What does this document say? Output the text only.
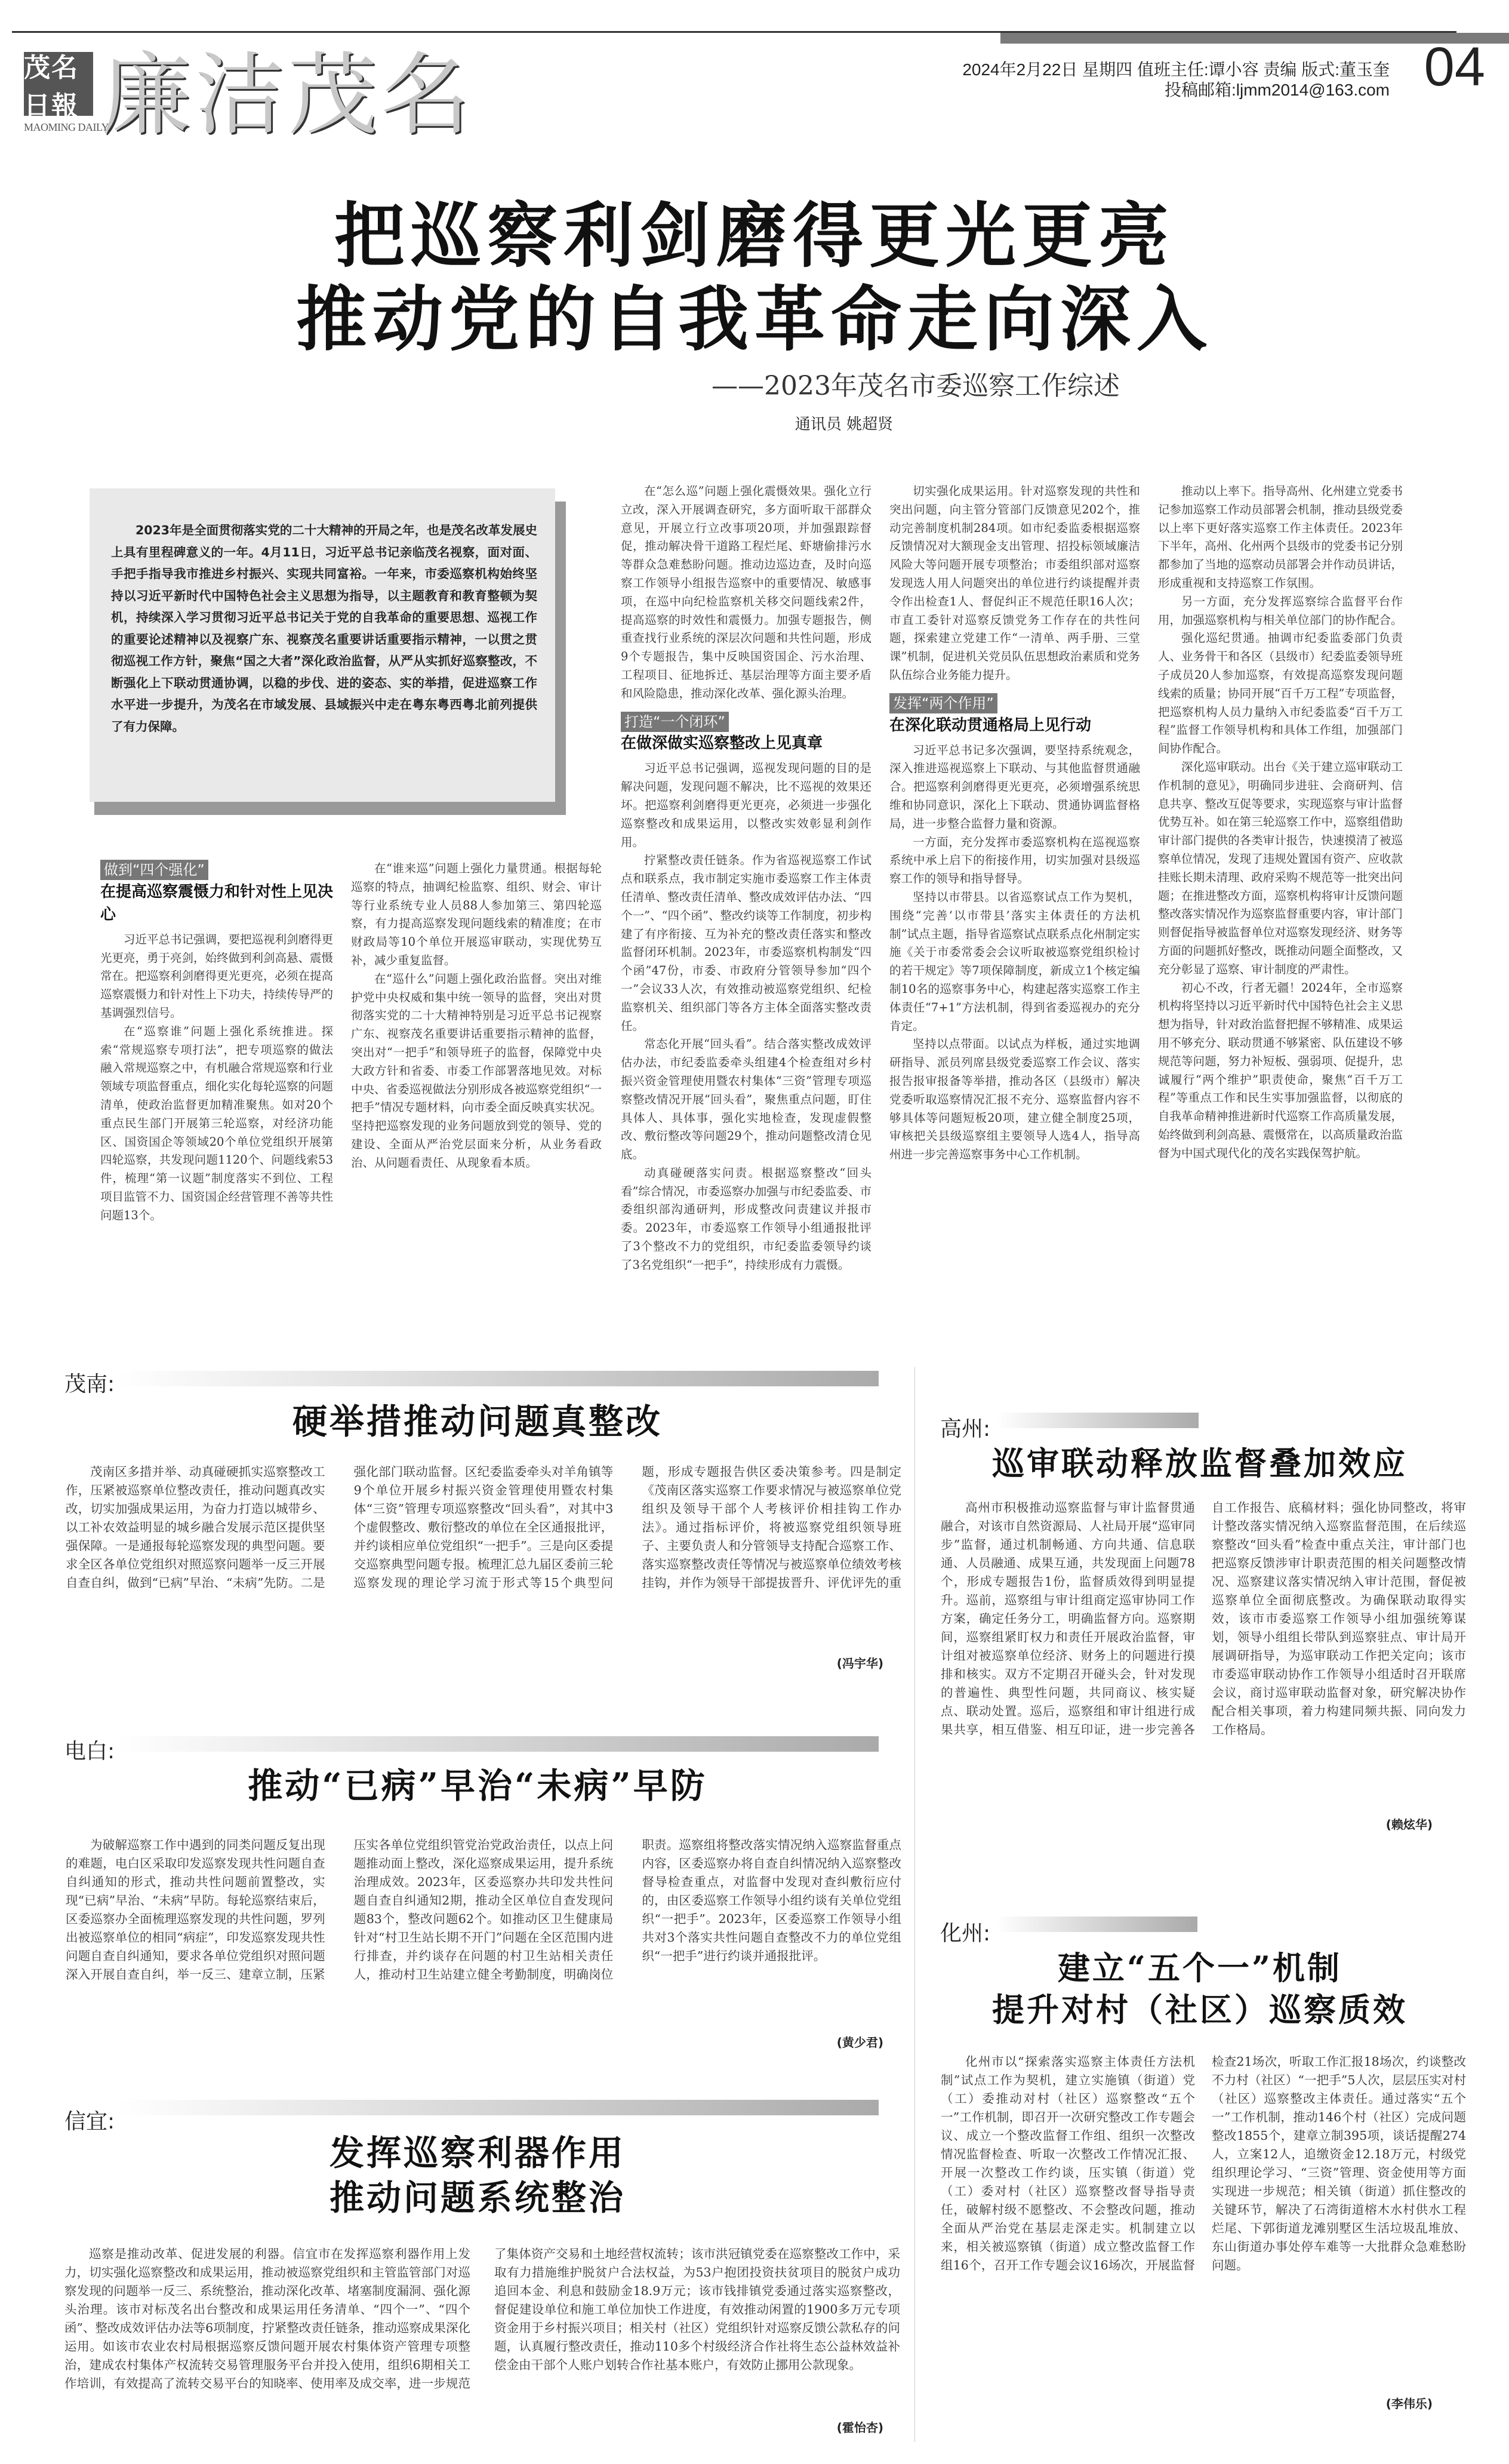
茂名日報
MAOMING DAILY
廉洁茂名	2024年2月22日 星期四 值班主任:谭小容 责编 版式:董玉奎
投稿邮箱:ljmm2014@163.com 04
把巡察利剑磨得更光更亮
推动党的自我革命走向深入
——2023年茂名市委巡察工作综述
通讯员 姚超贤
2023年是全面贯彻落实党的二十大精神的开局之年，也是茂名改革发展史上具有里程碑意义的一年。4月11日，习近平总书记亲临茂名视察，面对面、手把手指导我市推进乡村振兴、实现共同富裕。一年来，市委巡察机构始终坚持以习近平新时代中国特色社会主义思想为指导，以主题教育和教育整顿为契机，持续深入学习贯彻习近平总书记关于党的自我革命的重要思想、巡视工作的重要论述精神以及视察广东、视察茂名重要讲话重要指示精神，一以贯之贯彻巡视工作方针，聚焦“国之大者”深化政治监督，从严从实抓好巡察整改，不断强化上下联动贯通协调，以稳的步伐、进的姿态、实的举措，促进巡察工作水平进一步提升，为茂名在市域发展、县域振兴中走在粤东粤西粤北前列提供了有力保障。
做到“四个强化”
在提高巡察震慑力和针对性上见决心

习近平总书记强调，要把巡视利剑磨得更光更亮，勇于亮剑，始终做到利剑高悬、震慑常在。把巡察利剑磨得更光更亮，必须在提高巡察震慑力和针对性上下功夫，持续传导严的基调强烈信号。

在“巡察谁”问题上强化系统推进。探索“常规巡察专项打法”，把专项巡察的做法融入常规巡察之中，有机融合常规巡察和行业领域专项监督重点，细化实化每轮巡察的问题清单，使政治监督更加精准聚焦。如对20个重点民生部门开展第三轮巡察，对经济功能区、国资国企等领域20个单位党组织开展第四轮巡察，共发现问题1120个、问题线索53件，梳理“第一议题”制度落实不到位、工程项目监管不力、国资国企经营管理不善等共性问题13个。

在“谁来巡”问题上强化力量贯通。根据每轮巡察的特点，抽调纪检监察、组织、财会、审计等行业系统专业人员88人参加第三、第四轮巡察，有力提高巡察发现问题线索的精准度；在市财政局等10个单位开展巡审联动，实现优势互补，减少重复监督。

在“巡什么”问题上强化政治监督。突出对维护党中央权威和集中统一领导的监督，突出对贯彻落实党的二十大精神特别是习近平总书记视察广东、视察茂名重要讲话重要指示精神的监督，突出对“一把手”和领导班子的监督，保障党中央大政方针和省委、市委工作部署落地见效。对标中央、省委巡视做法分别形成各被巡察党组织“一把手”情况专题材料，向市委全面反映真实状况。坚持把巡察发现的业务问题放到党的领导、党的建设、全面从严治党层面来分析，从业务看政治、从问题看责任、从现象看本质。

在“怎么巡”问题上强化震慑效果。强化立行立改，深入开展调查研究，多方面听取干部群众意见，开展立行立改事项20项，并加强跟踪督促，推动解决骨干道路工程烂尾、虾塘偷排污水等群众急难愁盼问题。推动边巡边查，及时向巡察工作领导小组报告巡察中的重要情况、敏感事项，在巡中向纪检监察机关移交问题线索2件，提高巡察的时效性和震慑力。加强专题报告，侧重查找行业系统的深层次问题和共性问题，形成9个专题报告，集中反映国资国企、污水治理、工程项目、征地拆迁、基层治理等方面主要矛盾和风险隐患，推动深化改革、强化源头治理。

打造“一个闭环”
在做深做实巡察整改上见真章

习近平总书记强调，巡视发现问题的目的是解决问题，发现问题不解决，比不巡视的效果还坏。把巡察利剑磨得更光更亮，必须进一步强化巡察整改和成果运用，以整改实效彰显利剑作用。

拧紧整改责任链条。作为省巡视巡察工作试点和联系点，我市制定实施市委巡察工作主体责任清单、整改责任清单、整改成效评估办法、“四个一”、“四个函”、整改约谈等工作制度，初步构建了有序衔接、互为补充的整改责任落实和整改监督闭环机制。2023年，市委巡察机构制发“四个函”47份，市委、市政府分管领导参加“四个一”会议33人次，有效推动被巡察党组织、纪检监察机关、组织部门等各方主体全面落实整改责任。

常态化开展“回头看”。结合落实整改成效评估办法，市纪委监委牵头组建4个检查组对乡村振兴资金管理使用暨农村集体“三资”管理专项巡察整改情况开展“回头看”，聚焦重点问题，盯住具体人、具体事，强化实地检查，发现虚假整改、敷衍整改等问题29个，推动问题整改清仓见底。

动真碰硬落实问责。根据巡察整改“回头看”综合情况，市委巡察办加强与市纪委监委、市委组织部沟通研判，形成整改问责建议并报市委。2023年，市委巡察工作领导小组通报批评了3个整改不力的党组织，市纪委监委领导约谈了3名党组织“一把手”，持续形成有力震慑。

切实强化成果运用。针对巡察发现的共性和突出问题，向主管分管部门反馈意见202个，推动完善制度机制284项。如市纪委监委根据巡察反馈情况对大额现金支出管理、招投标领域廉洁风险大等问题开展专项整治；市委组织部对巡察发现选人用人问题突出的单位进行约谈提醒并责令作出检查1人、督促纠正不规范任职16人次；市直工委针对巡察反馈党务工作存在的共性问题，探索建立党建工作“一清单、两手册、三堂课”机制，促进机关党员队伍思想政治素质和党务队伍综合业务能力提升。

发挥“两个作用”
在深化联动贯通格局上见行动

习近平总书记多次强调，要坚持系统观念，深入推进巡视巡察上下联动、与其他监督贯通融合。把巡察利剑磨得更光更亮，必须增强系统思维和协同意识，深化上下联动、贯通协调监督格局，进一步整合监督力量和资源。

一方面，充分发挥市委巡察机构在巡视巡察系统中承上启下的衔接作用，切实加强对县级巡察工作的领导和指导督导。

坚持以市带县。以省巡察试点工作为契机，围绕“完善‘以市带县’落实主体责任的方法机制”试点主题，指导省巡察试点联系点化州制定实施《关于市委常委会会议听取被巡察党组织检讨的若干规定》等7项保障制度，新成立1个核定编制10名的巡察事务中心，构建起落实巡察工作主体责任“7+1”方法机制，得到省委巡视办的充分肯定。

坚持以点带面。以试点为样板，通过实地调研指导、派员列席县级党委巡察工作会议、落实报告报审报备等举措，推动各区（县级市）解决党委听取巡察情况汇报不充分、巡察监督内容不够具体等问题短板20项，建立健全制度25项，审核把关县级巡察组主要领导人选4人，指导高州进一步完善巡察事务中心工作机制。

推动以上率下。指导高州、化州建立党委书记参加巡察工作动员部署会机制，推动县级党委以上率下更好落实巡察工作主体责任。2023年下半年，高州、化州两个县级市的党委书记分别都参加了当地的巡察动员部署会并作动员讲话，形成重视和支持巡察工作氛围。

另一方面，充分发挥巡察综合监督平台作用，加强巡察机构与相关单位部门的协作配合。

强化巡纪贯通。抽调市纪委监委部门负责人、业务骨干和各区（县级市）纪委监委领导班子成员20人参加巡察，有效提高巡察发现问题线索的质量；协同开展“百千万工程”专项监督，把巡察机构人员力量纳入市纪委监委“百千万工程”监督工作领导机构和具体工作组，加强部门间协作配合。

深化巡审联动。出台《关于建立巡审联动工作机制的意见》，明确同步进驻、会商研判、信息共享、整改互促等要求，实现巡察与审计监督优势互补。如在第三轮巡察工作中，巡察组借助审计部门提供的各类审计报告，快速摸清了被巡察单位情况，发现了违规处置国有资产、应收款挂账长期未清理、政府采购不规范等一批突出问题；在推进整改方面，巡察机构将审计反馈问题整改落实情况作为巡察监督重要内容，审计部门则督促指导被监督单位对巡察发现经济、财务等方面的问题抓好整改，既推动问题全面整改，又充分彰显了巡察、审计制度的严肃性。

初心不改，行者无疆！2024年，全市巡察机构将坚持以习近平新时代中国特色社会主义思想为指导，针对政治监督把握不够精准、成果运用不够充分、联动贯通不够紧密、队伍建设不够规范等问题，努力补短板、强弱项、促提升，忠诚履行“两个维护”职责使命，聚焦“百千万工程”等重点工作和民生实事加强监督，以彻底的自我革命精神推进新时代巡察工作高质量发展，始终做到利剑高悬、震慑常在，以高质量政治监督为中国式现代化的茂名实践保驾护航。

茂南:
硬举措推动问题真整改

茂南区多措并举、动真碰硬抓实巡察整改工作，压紧被巡察单位整改责任，推动问题真改实改，切实加强成果运用，为奋力打造以城带乡、以工补农效益明显的城乡融合发展示范区提供坚强保障。一是通报每轮巡察发现的典型问题。要求全区各单位党组织对照巡察问题举一反三开展自查自纠，做到“已病”早治、“未病”先防。二是强化部门联动监督。区纪委监委牵头对羊角镇等9个单位开展乡村振兴资金管理使用暨农村集体“三资”管理专项巡察整改“回头看”，对其中3个虚假整改、敷衍整改的单位在全区通报批评，并约谈相应单位党组织“一把手”。三是向区委提交巡察典型问题专报。梳理汇总九届区委前三轮巡察发现的理论学习流于形式等15个典型问题，形成专题报告供区委决策参考。四是制定《茂南区落实巡察工作要求情况与被巡察单位党组织及领导干部个人考核评价相挂钩工作办法》。通过指标评价，将被巡察党组织领导班子、主要负责人和分管领导支持配合巡察工作、落实巡察整改责任等情况与被巡察单位绩效考核挂钩，并作为领导干部提拔晋升、评优评先的重

(冯宇华)
电白:
推动“已病”早治“未病”早防

为破解巡察工作中遇到的同类问题反复出现的难题，电白区采取印发巡察发现共性问题自查自纠通知的形式，推动共性问题前置整改，实现“已病”早治、“未病”早防。每轮巡察结束后，区委巡察办全面梳理巡察发现的共性问题，罗列出被巡察单位的相同“病症”，印发巡察发现共性问题自查自纠通知，要求各单位党组织对照问题深入开展自查自纠，举一反三、建章立制，压紧压实各单位党组织管党治党政治责任，以点上问题推动面上整改，深化巡察成果运用，提升系统治理成效。2023年，区委巡察办共印发共性问题自查自纠通知2期，推动全区单位自查发现问题83个，整改问题62个。如推动区卫生健康局针对“村卫生站长期不开门”问题在全区范围内进行排查，并约谈存在问题的村卫生站相关责任人，推动村卫生站建立健全考勤制度，明确岗位职责。巡察组将整改落实情况纳入巡察监督重点内容，区委巡察办将自查自纠情况纳入巡察整改督导检查重点，对监督中发现对查纠敷衍应付的，由区委巡察工作领导小组约谈有关单位党组织“一把手”。2023年，区委巡察工作领导小组共对3个落实共性问题自查整改不力的单位党组织“一把手”进行约谈并通报批评。

(黄少君)
信宜:
发挥巡察利器作用
推动问题系统整治

巡察是推动改革、促进发展的利器。信宜市在发挥巡察利器作用上发力，切实强化巡察整改和成果运用，推动被巡察党组织和主管监管部门对巡察发现的问题举一反三、系统整治，推动深化改革、堵塞制度漏洞、强化源头治理。该市对标茂名出台整改和成果运用任务清单、“四个一”、“四个函”、整改成效评估办法等6项制度，拧紧整改责任链条，推动巡察成果深化运用。如该市农业农村局根据巡察反馈问题开展农村集体资产管理专项整治，建成农村集体产权流转交易管理服务平台并投入使用，组织6期相关工作培训，有效提高了流转交易平台的知晓率、使用率及成交率，进一步规范了集体资产交易和土地经营权流转；该市洪冠镇党委在巡察整改工作中，采取有力措施维护脱贫户合法权益，为53户抱团投资扶贫项目的脱贫户成功追回本金、利息和鼓励金18.9万元；该市钱排镇党委通过落实巡察整改，督促建设单位和施工单位加快工作进度，有效推动闲置的1900多万元专项资金用于乡村振兴项目；相关村（社区）党组织针对巡察反馈公款私存的问题，认真履行整改责任，推动110多个村级经济合作社将生态公益林效益补偿金由干部个人账户划转合作社基本账户，有效防止挪用公款现象。

(霍怡杏)
高州:
巡审联动释放监督叠加效应

高州市积极推动巡察监督与审计监督贯通融合，对该市自然资源局、人社局开展“巡审同步”监督，通过机制畅通、方向共通、信息联通、人员融通、成果互通，共发现面上问题78个，形成专题报告1份，监督质效得到明显提升。巡前，巡察组与审计组商定巡审协同工作方案，确定任务分工，明确监督方向。巡察期间，巡察组紧盯权力和责任开展政治监督，审计组对被巡察单位经济、财务上的问题进行摸排和核实。双方不定期召开碰头会，针对发现的普遍性、典型性问题，共同商议、核实疑点、联动处置。巡后，巡察组和审计组进行成果共享，相互借鉴、相互印证，进一步完善各自工作报告、底稿材料；强化协同整改，将审计整改落实情况纳入巡察监督范围，在后续巡察整改“回头看”检查中重点关注，审计部门也把巡察反馈涉审计职责范围的相关问题整改情况、巡察建议落实情况纳入审计范围，督促被巡察单位全面彻底整改。为确保联动取得实效，该市市委巡察工作领导小组加强统筹谋划，领导小组组长带队到巡察驻点、审计局开展调研指导，为巡审联动工作把关定向；该市市委巡审联动协作工作领导小组适时召开联席会议，商讨巡审联动监督对象，研究解决协作配合相关事项，着力构建同频共振、同向发力工作格局。

(赖炫华)
化州:
建立“五个一”机制
提升对村（社区）巡察质效

化州市以“探索落实巡察主体责任方法机制”试点工作为契机，建立实施镇（街道）党（工）委推动对村（社区）巡察整改“五个一”工作机制，即召开一次研究整改工作专题会议、成立一个整改监督工作组、组织一次整改情况监督检查、听取一次整改工作情况汇报、开展一次整改工作约谈，压实镇（街道）党（工）委对村（社区）巡察整改督导指导责任，破解村级不愿整改、不会整改问题，推动全面从严治党在基层走深走实。机制建立以来，相关被巡察镇（街道）成立整改监督工作组16个，召开工作专题会议16场次，开展监督检查21场次，听取工作汇报18场次，约谈整改不力村（社区）“一把手”5人次，层层压实对村（社区）巡察整改主体责任。通过落实“五个一”工作机制，推动146个村（社区）完成问题整改1855个，建章立制395项，谈话提醒274人，立案12人，追缴资金12.18万元，村级党组织理论学习、“三资”管理、资金使用等方面实现进一步规范；相关镇（街道）抓住整改的关键环节，解决了石湾街道榕木水村供水工程烂尾、下郭街道龙滩别墅区生活垃圾乱堆放、东山街道办事处停车难等一大批群众急难愁盼问题。

(李伟乐)
